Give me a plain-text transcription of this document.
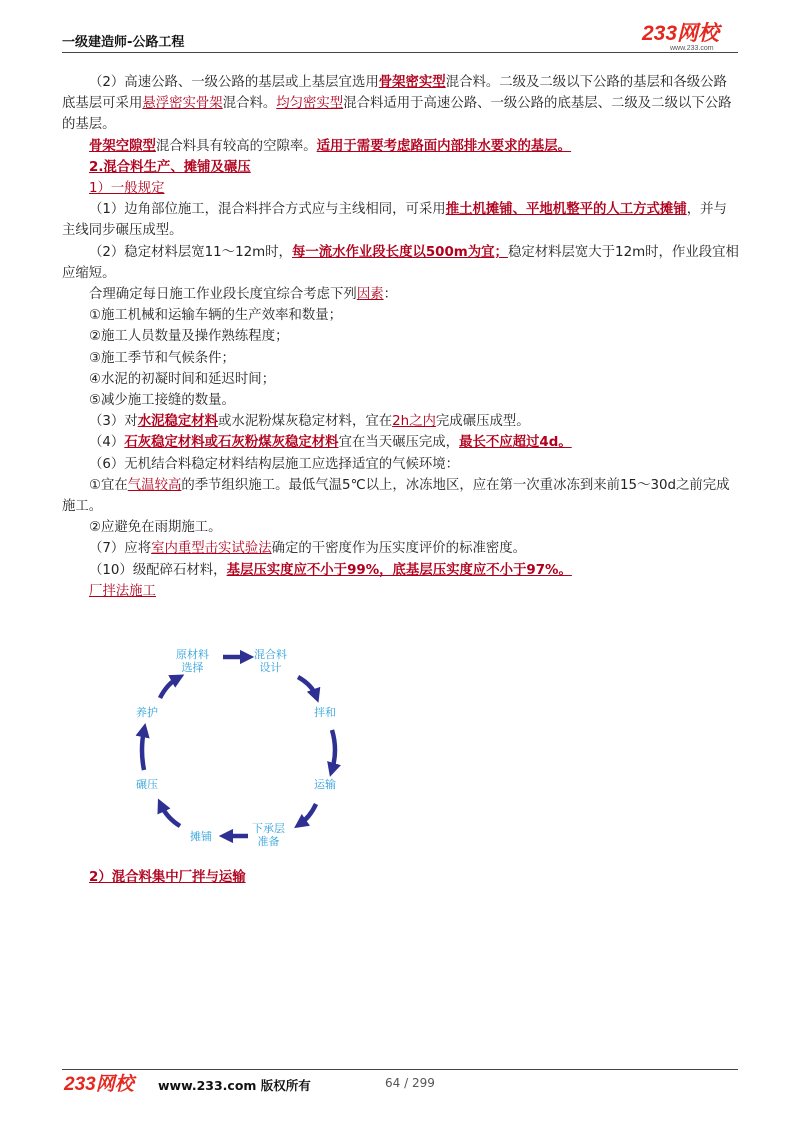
一级建造师-公路工程	233网校
www.233.com

（2）高速公路、一级公路的基层或上基层宜选用骨架密实型混合料。二级及二级以下公路的基层和各级公路底基层可采用悬浮密实骨架混合料。均匀密实型混合料适用于高速公路、一级公路的底基层、二级及二级以下公路的基层。

骨架空隙型混合料具有较高的空隙率。适用于需要考虑路面内部排水要求的基层。

2.混合料生产、摊铺及碾压

1）一般规定

（1）边角部位施工，混合料拌合方式应与主线相同，可采用推土机摊铺、平地机整平的人工方式摊铺，并与主线同步碾压成型。

（2）稳定材料层宽11～12m时，每一流水作业段长度以500m为宜；稳定材料层宽大于12m时，作业段宜相应缩短。

合理确定每日施工作业段长度宜综合考虑下列因素：

①施工机械和运输车辆的生产效率和数量；

②施工人员数量及操作熟练程度；

③施工季节和气候条件；

④水泥的初凝时间和延迟时间；

⑤减少施工接缝的数量。

（3）对水泥稳定材料或水泥粉煤灰稳定材料，宜在2h之内完成碾压成型。

（4）石灰稳定材料或石灰粉煤灰稳定材料宜在当天碾压完成，最长不应超过4d。

（6）无机结合料稳定材料结构层施工应选择适宜的气候环境：

①宜在气温较高的季节组织施工。最低气温5℃以上，冰冻地区，应在第一次重冰冻到来前15～30d之前完成施工。

②应避免在雨期施工。

（7）应将室内重型击实试验法确定的干密度作为压实度评价的标准密度。

（10）级配碎石材料，基层压实度应不小于99%，底基层压实度应不小于97%。

厂拌法施工

原材料
选择
混合料
设计
拌和
运输
下承层
准备
摊铺
碾压
养护
2）混合料集中厂拌与运输
233网校 www.233.com 版权所有	64 / 299
